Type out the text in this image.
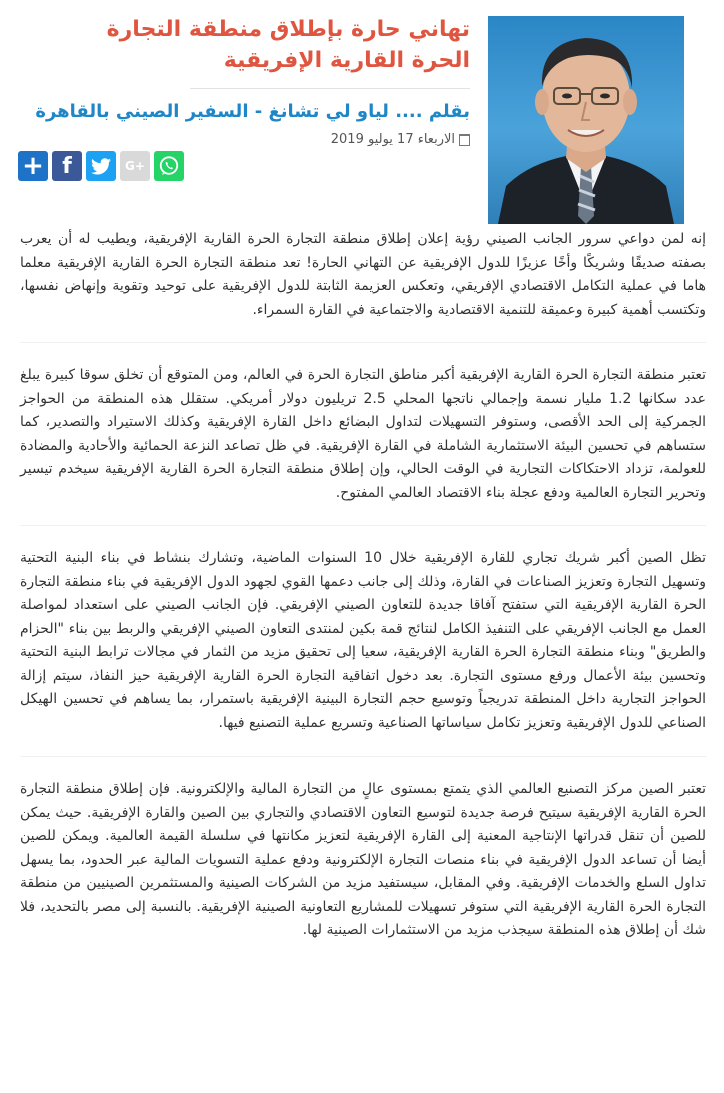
تهاني حارة بإطلاق منطقة التجارة الحرة القارية الإفريقية
بقلم .... لياو لي تشانغ - السفير الصيني بالقاهرة
الاربعاء 17 يوليو 2019
+ f	G+

إنه لمن دواعي سرور الجانب الصيني رؤية إعلان إطلاق منطقة التجارة الحرة القارية الإفريقية، ويطيب له أن يعرب بصفته صديقًا وشريكًا وأخًا عزيزًا للدول الإفريقية عن التهاني الحارة! تعد منطقة التجارة الحرة القارية الإفريقية معلما هاما في عملية التكامل الاقتصادي الإفريقي، وتعكس العزيمة الثابتة للدول الإفريقية على توحيد وتقوية وإنهاض نفسها، وتكتسب أهمية كبيرة وعميقة للتنمية الاقتصادية والاجتماعية في القارة السمراء.

تعتبر منطقة التجارة الحرة القارية الإفريقية أكبر مناطق التجارة الحرة في العالم، ومن المتوقع أن تخلق سوقا كبيرة يبلغ عدد سكانها 1.2 مليار نسمة وإجمالي ناتجها المحلي 2.5 تريليون دولار أمريكي. ستقلل هذه المنطقة من الحواجز الجمركية إلى الحد الأقصى، وستوفر التسهيلات لتداول البضائع داخل القارة الإفريقية وكذلك الاستيراد والتصدير، كما ستساهم في تحسين البيئة الاستثمارية الشاملة في القارة الإفريقية. في ظل تصاعد النزعة الحمائية والأحادية والمضادة للعولمة، تزداد الاحتكاكات التجارية في الوقت الحالي، وإن إطلاق منطقة التجارة الحرة القارية الإفريقية سيخدم تيسير وتحرير التجارة العالمية ودفع عجلة بناء الاقتصاد العالمي المفتوح.

تظل الصين أكبر شريك تجاري للقارة الإفريقية خلال 10 السنوات الماضية، وتشارك بنشاط في بناء البنية التحتية وتسهيل التجارة وتعزيز الصناعات في القارة، وذلك إلى جانب دعمها القوي لجهود الدول الإفريقية في بناء منطقة التجارة الحرة القارية الإفريقية التي ستفتح آفاقا جديدة للتعاون الصيني الإفريقي. فإن الجانب الصيني على استعداد لمواصلة العمل مع الجانب الإفريقي على التنفيذ الكامل لنتائج قمة بكين لمنتدى التعاون الصيني الإفريقي والربط بين بناء "الحزام والطريق" وبناء منطقة التجارة الحرة القارية الإفريقية، سعيا إلى تحقيق مزيد من الثمار في مجالات ترابط البنية التحتية وتحسين بيئة الأعمال ورفع مستوى التجارة. بعد دخول اتفاقية التجارة الحرة القارية الإفريقية حيز النفاذ، سيتم إزالة الحواجز التجارية داخل المنطقة تدريجياً وتوسيع حجم التجارة البينية الإفريقية باستمرار، بما يساهم في تحسين الهيكل الصناعي للدول الإفريقية وتعزيز تكامل سياساتها الصناعية وتسريع عملية التصنيع فيها.

تعتبر الصين مركز التصنيع العالمي الذي يتمتع بمستوى عالٍ من التجارة المالية والإلكترونية. فإن إطلاق منطقة التجارة الحرة القارية الإفريقية سيتيح فرصة جديدة لتوسيع التعاون الاقتصادي والتجاري بين الصين والقارة الإفريقية. حيث يمكن للصين أن تنقل قدراتها الإنتاجية المعنية إلى القارة الإفريقية لتعزيز مكانتها في سلسلة القيمة العالمية. ويمكن للصين أيضا أن تساعد الدول الإفريقية في بناء منصات التجارة الإلكترونية ودفع عملية التسويات المالية عبر الحدود، بما يسهل تداول السلع والخدمات الإفريقية. وفي المقابل، سيستفيد مزيد من الشركات الصينية والمستثمرين الصينيين من منطقة التجارة الحرة القارية الإفريقية التي ستوفر تسهيلات للمشاريع التعاونية الصينية الإفريقية. بالنسبة إلى مصر بالتحديد، فلا شك أن إطلاق هذه المنطقة سيجذب مزيد من الاستثمارات الصينية لها.
